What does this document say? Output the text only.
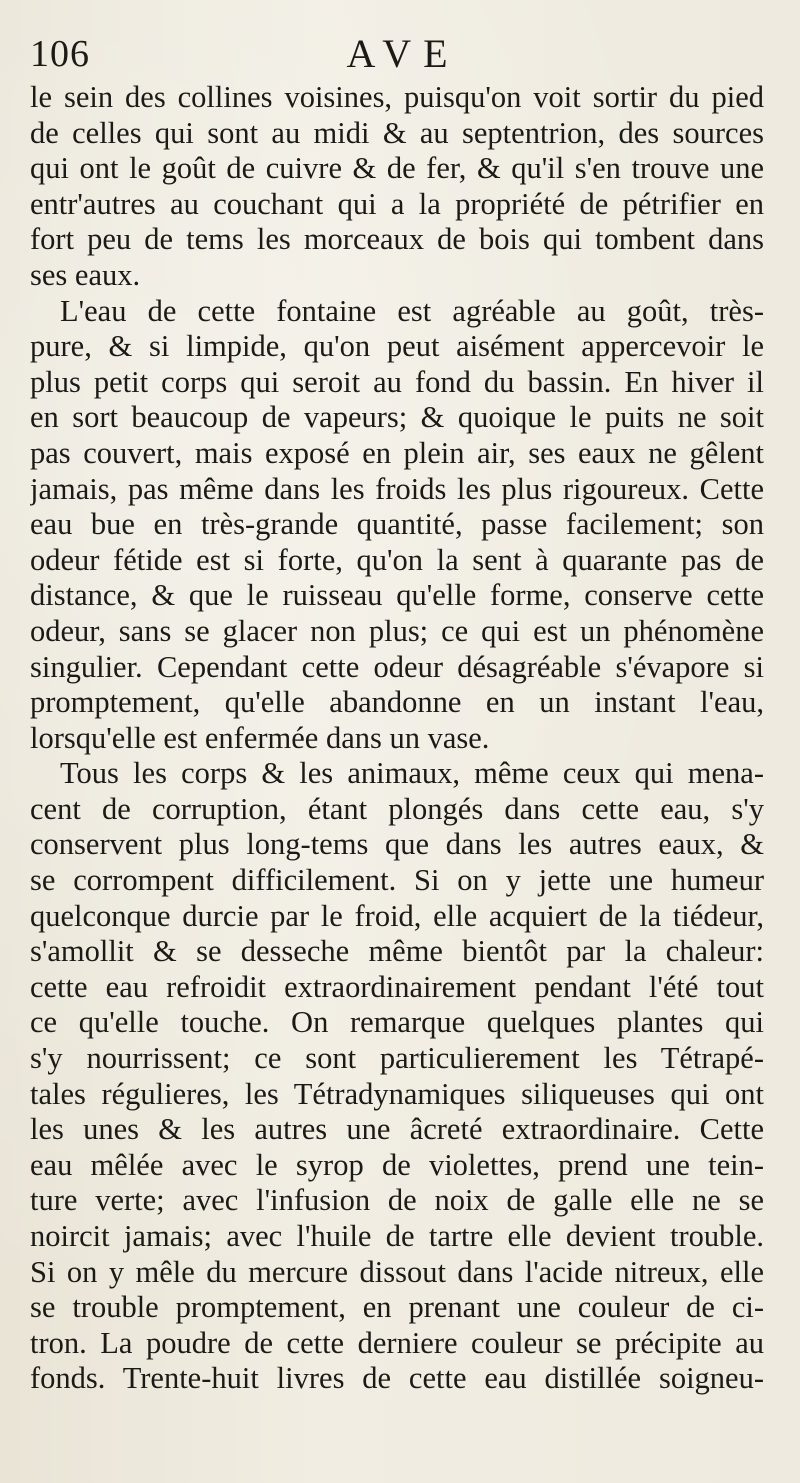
106	AVE
le sein des collines voisines, puisqu'on voit sortir du pied
de celles qui sont au midi & au septentrion, des sources
qui ont le goût de cuivre & de fer, & qu'il s'en trouve une
entr'autres au couchant qui a la propriété de pétrifier en
fort peu de tems les morceaux de bois qui tombent dans
ses eaux.
L'eau de cette fontaine est agréable au goût, très-
pure, & si limpide, qu'on peut aisément appercevoir le
plus petit corps qui seroit au fond du bassin. En hiver il
en sort beaucoup de vapeurs; & quoique le puits ne soit
pas couvert, mais exposé en plein air, ses eaux ne gêlent
jamais, pas même dans les froids les plus rigoureux. Cette
eau bue en très-grande quantité, passe facilement; son
odeur fétide est si forte, qu'on la sent à quarante pas de
distance, & que le ruisseau qu'elle forme, conserve cette
odeur, sans se glacer non plus; ce qui est un phénomène
singulier. Cependant cette odeur désagréable s'évapore si
promptement, qu'elle abandonne en un instant l'eau,
lorsqu'elle est enfermée dans un vase.
Tous les corps & les animaux, même ceux qui mena-
cent de corruption, étant plongés dans cette eau, s'y
conservent plus long-tems que dans les autres eaux, &
se corrompent difficilement. Si on y jette une humeur
quelconque durcie par le froid, elle acquiert de la tiédeur,
s'amollit & se desseche même bientôt par la chaleur:
cette eau refroidit extraordinairement pendant l'été tout
ce qu'elle touche. On remarque quelques plantes qui
s'y nourrissent; ce sont particulierement les Tétrapé-
tales régulieres, les Tétradynamiques siliqueuses qui ont
les unes & les autres une âcreté extraordinaire. Cette
eau mêlée avec le syrop de violettes, prend une tein-
ture verte; avec l'infusion de noix de galle elle ne se
noircit jamais; avec l'huile de tartre elle devient trouble.
Si on y mêle du mercure dissout dans l'acide nitreux, elle
se trouble promptement, en prenant une couleur de ci-
tron. La poudre de cette derniere couleur se précipite au
fonds. Trente-huit livres de cette eau distillée soigneu-
